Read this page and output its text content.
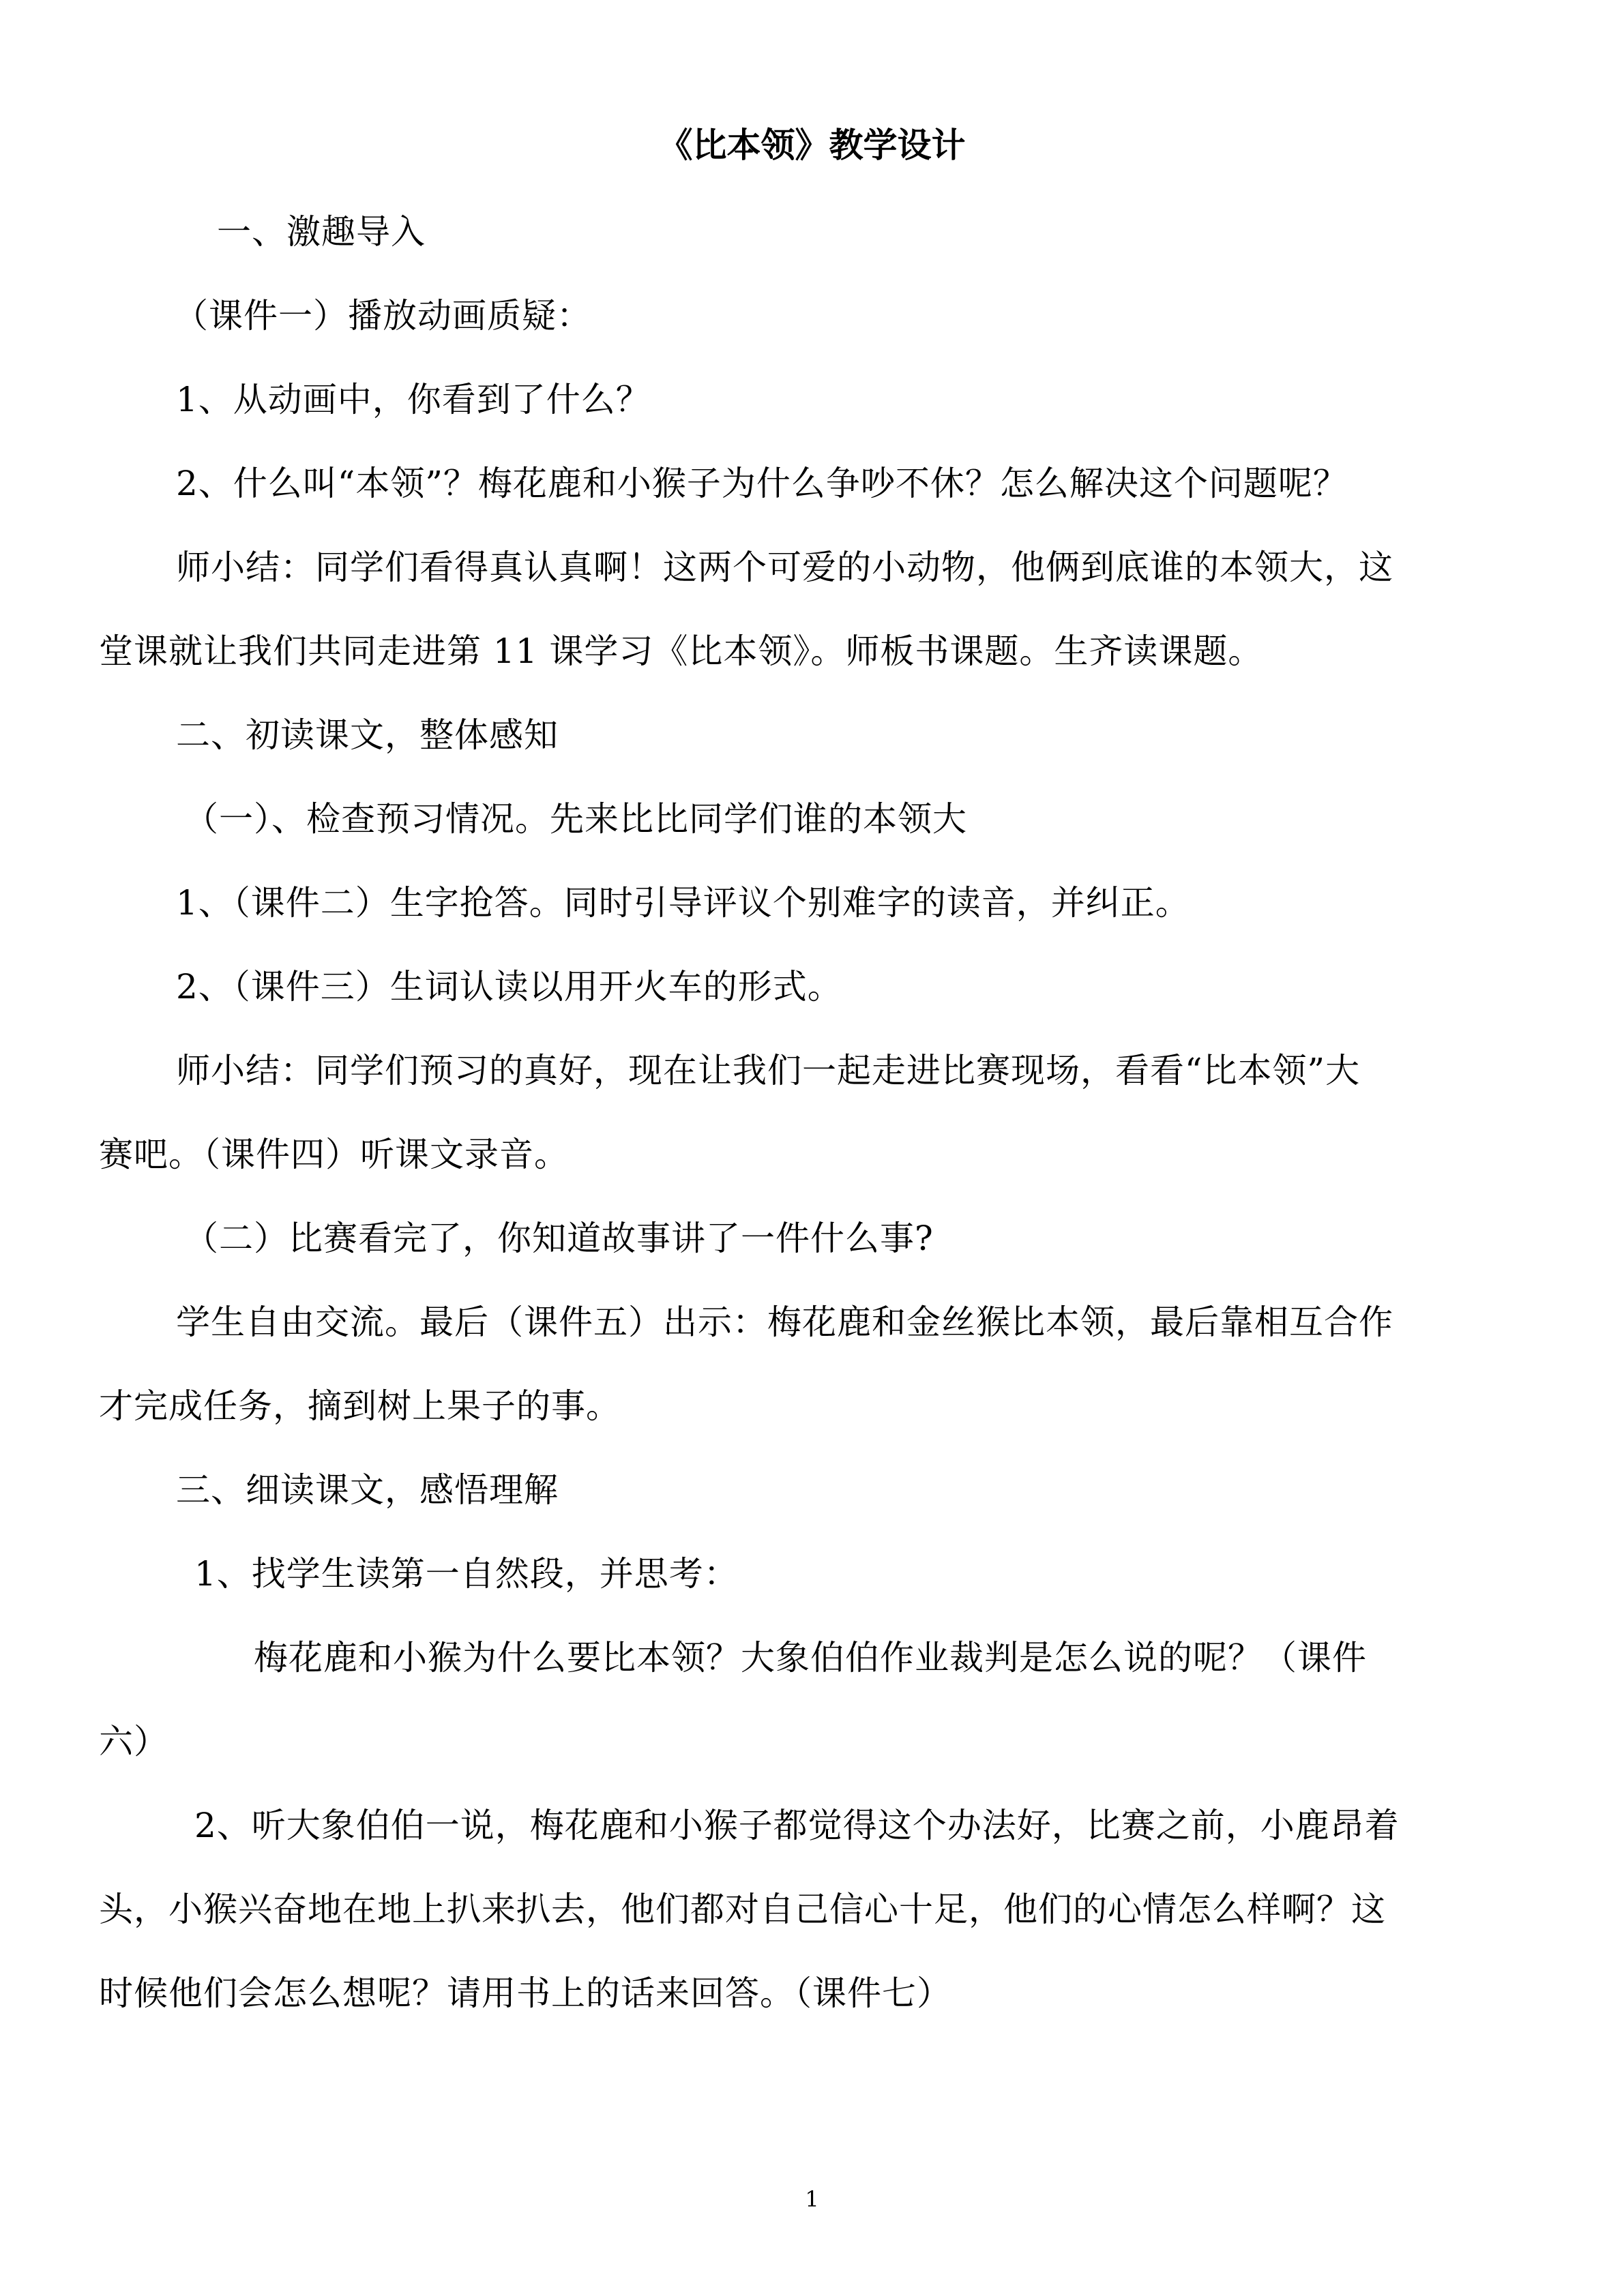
《比本领》教学设计
一、激趣导入
（课件一）播放动画质疑：
1、从动画中，你看到了什么？
2、什么叫“本领”？梅花鹿和小猴子为什么争吵不休？怎么解决这个问题呢？
师小结：同学们看得真认真啊！这两个可爱的小动物，他俩到底谁的本领大，这
堂课就让我们共同走进第 11 课学习《比本领》。师板书课题。生齐读课题。
二、初读课文，整体感知
（一）、检查预习情况。先来比比同学们谁的本领大
1、（课件二）生字抢答。同时引导评议个别难字的读音，并纠正。
2、（课件三）生词认读以用开火车的形式。
师小结：同学们预习的真好，现在让我们一起走进比赛现场，看看“比本领”大
赛吧。（课件四）听课文录音。
（二）比赛看完了，你知道故事讲了一件什么事?
学生自由交流。最后（课件五）出示：梅花鹿和金丝猴比本领，最后靠相互合作
才完成任务，摘到树上果子的事。
三、细读课文，感悟理解
1、找学生读第一自然段，并思考：
梅花鹿和小猴为什么要比本领？大象伯伯作业裁判是怎么说的呢？（课件
六）
2、听大象伯伯一说，梅花鹿和小猴子都觉得这个办法好，比赛之前，小鹿昂着
头，小猴兴奋地在地上扒来扒去，他们都对自己信心十足，他们的心情怎么样啊？这
时候他们会怎么想呢？请用书上的话来回答。（课件七）
1
